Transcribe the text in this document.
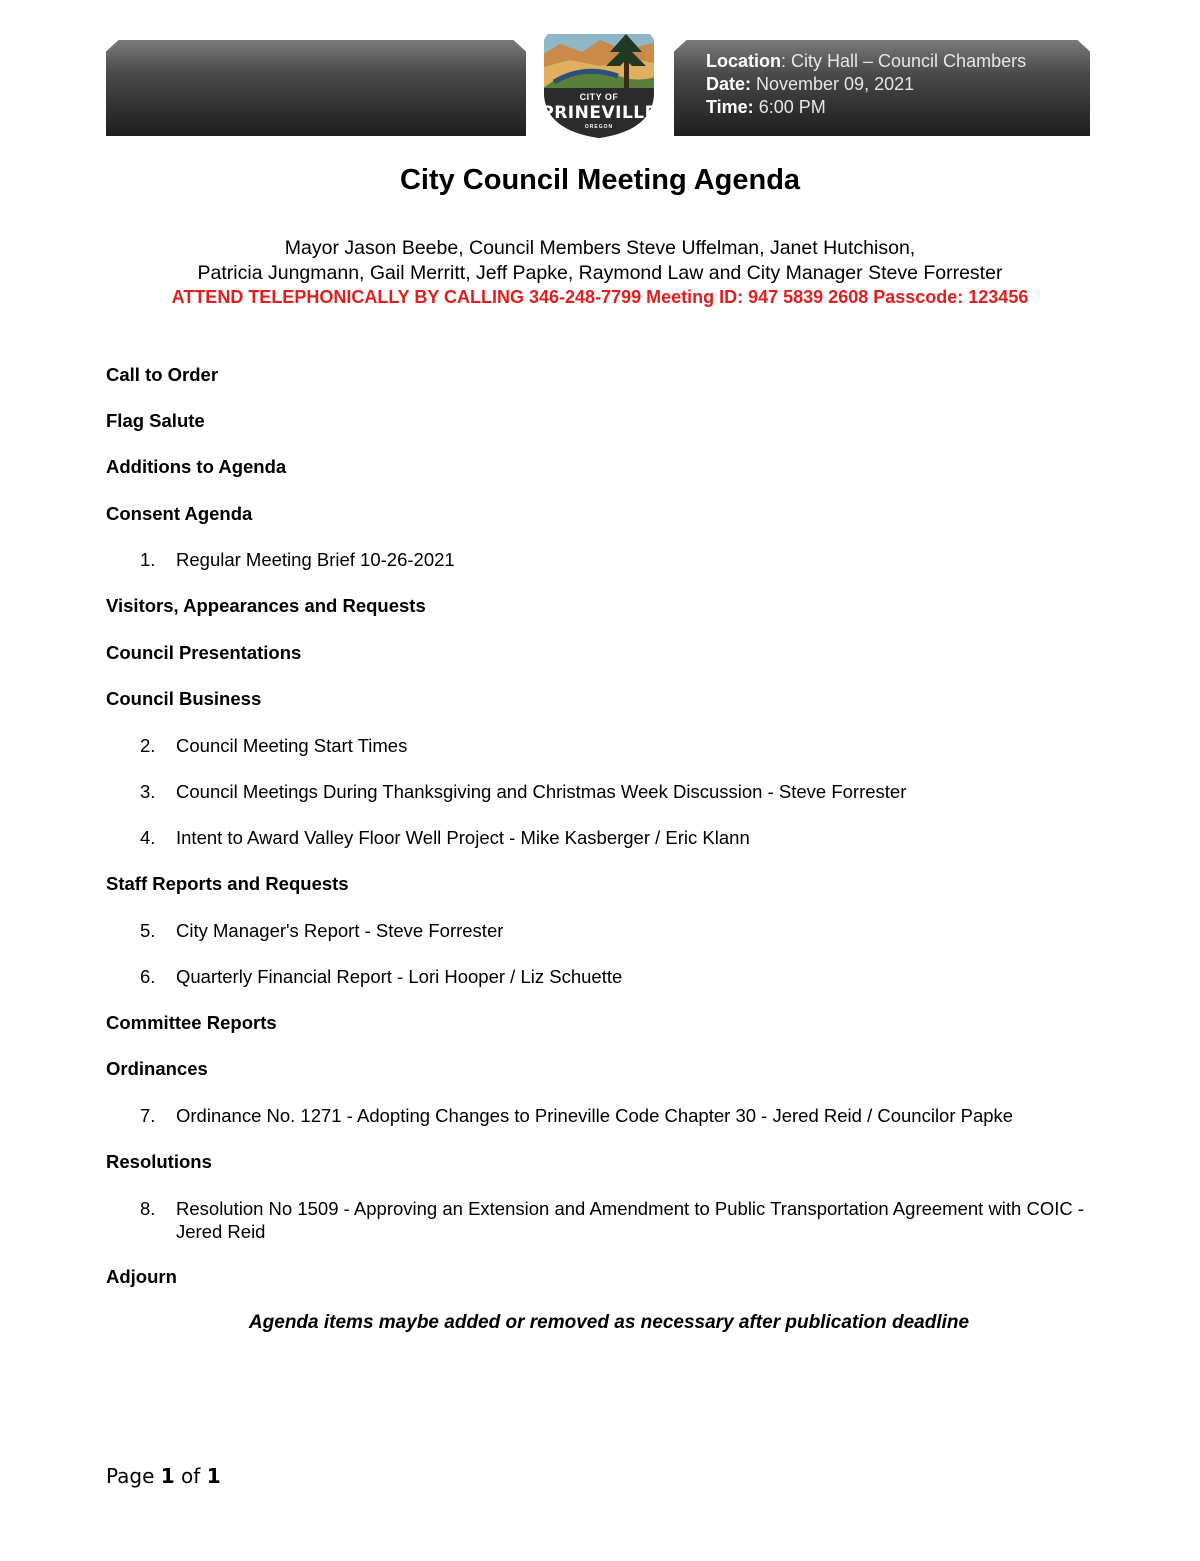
Location: City Hall – Council Chambers
Date: November 09, 2021
Time: 6:00 PM
CITY OF
PRINEVILLE
OREGON
City Council Meeting Agenda
Mayor Jason Beebe, Council Members Steve Uffelman, Janet Hutchison,
Patricia Jungmann, Gail Merritt, Jeff Papke, Raymond Law and City Manager Steve Forrester
ATTEND TELEPHONICALLY BY CALLING 346-248-7799 Meeting ID: 947 5839 2608 Passcode: 123456
Call to Order
Flag Salute
Additions to Agenda
Consent Agenda
1. Regular Meeting Brief 10-26-2021
Visitors, Appearances and Requests
Council Presentations
Council Business
2. Council Meeting Start Times
3. Council Meetings During Thanksgiving and Christmas Week Discussion - Steve Forrester
4. Intent to Award Valley Floor Well Project - Mike Kasberger / Eric Klann
Staff Reports and Requests
5. City Manager's Report - Steve Forrester
6. Quarterly Financial Report - Lori Hooper / Liz Schuette
Committee Reports
Ordinances
7. Ordinance No. 1271 - Adopting Changes to Prineville Code Chapter 30 - Jered Reid / Councilor Papke
Resolutions
8. Resolution No 1509 - Approving an Extension and Amendment to Public Transportation Agreement with COIC - Jered Reid
Adjourn
Agenda items maybe added or removed as necessary after publication deadline
Page 1 of 1
